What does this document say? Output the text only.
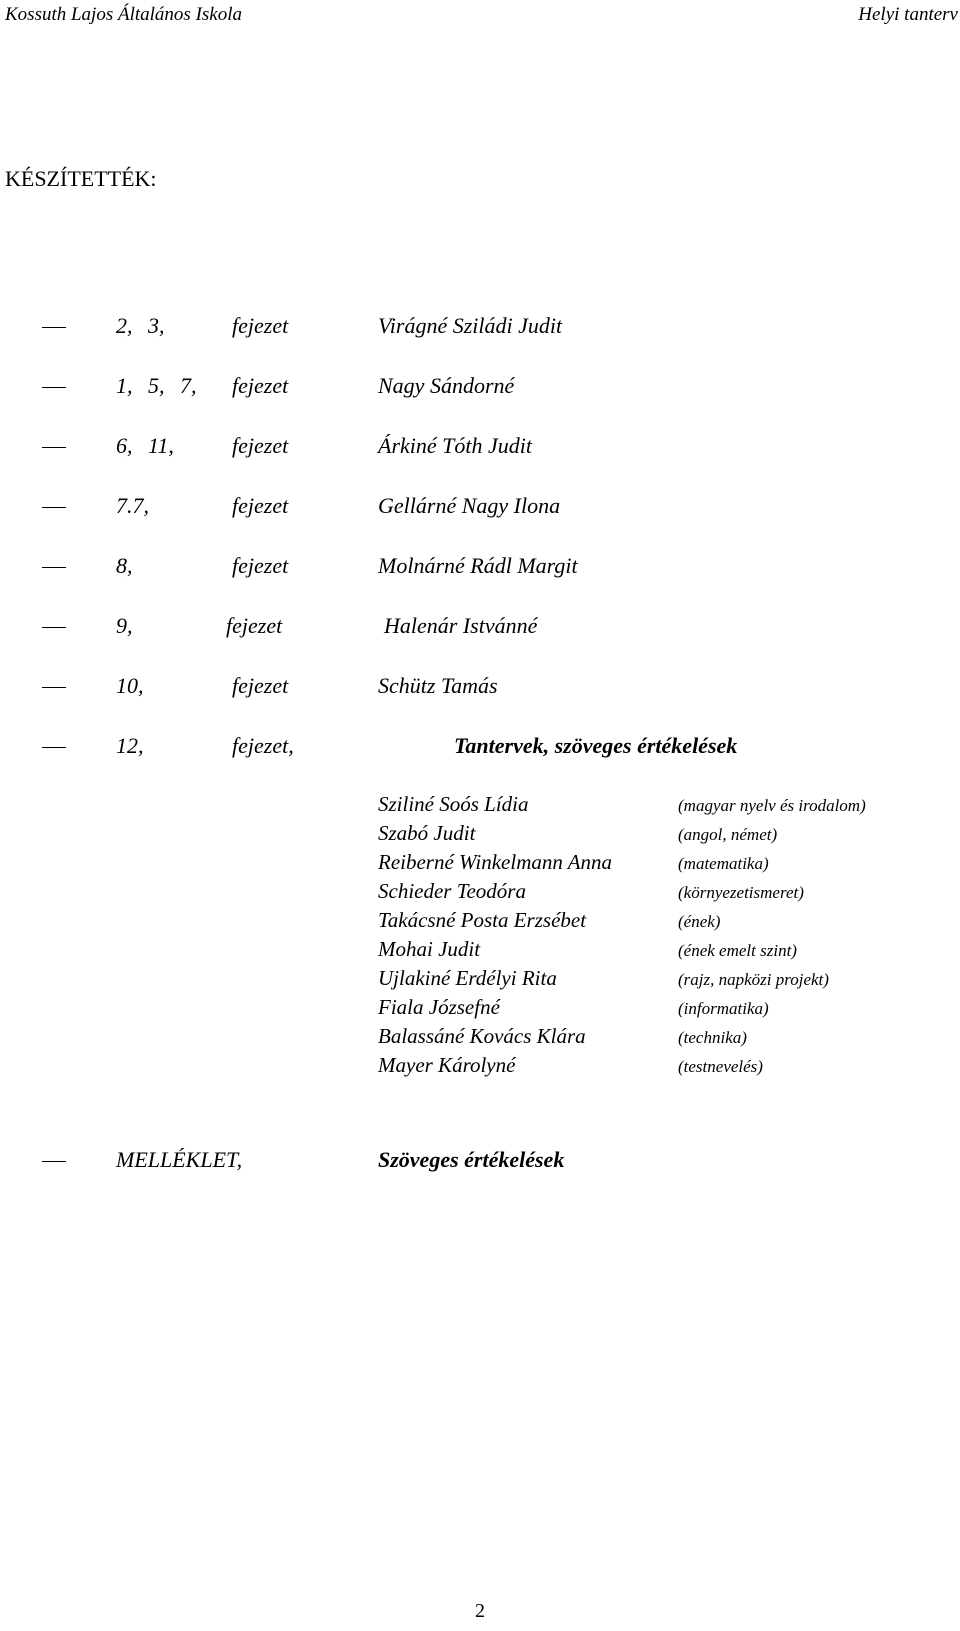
Kossuth Lajos Általános Iskola	Helyi tanterv
KÉSZÍTETTÉK:
2, 3,	fejezet	Virágné Sziládi Judit
1, 5, 7, fejezet	Nagy Sándorné
6, 11,	fejezet	Árkiné Tóth Judit
7.7,	fejezet	Gellárné Nagy Ilona
8,	fejezet	Molnárné Rádl Margit
9,	fejezet	Halenár Istvánné
10,	fejezet	Schütz Tamás
12,	fejezet,	Tantervek, szöveges értékelések
Sziliné Soós Lídia	(magyar nyelv és irodalom)
Szabó Judit	(angol, német)
Reiberné Winkelmann Anna	(matematika)
Schieder Teodóra	(környezetismeret)
Takácsné Posta Erzsébet	(ének)
Mohai Judit	(ének emelt szint)
Ujlakiné Erdélyi Rita	(rajz, napközi projekt)
Fiala Józsefné	(informatika)
Balassáné Kovács Klára	(technika)
Mayer Károlyné	(testnevelés)
MELLÉKLET,	Szöveges értékelések
2
